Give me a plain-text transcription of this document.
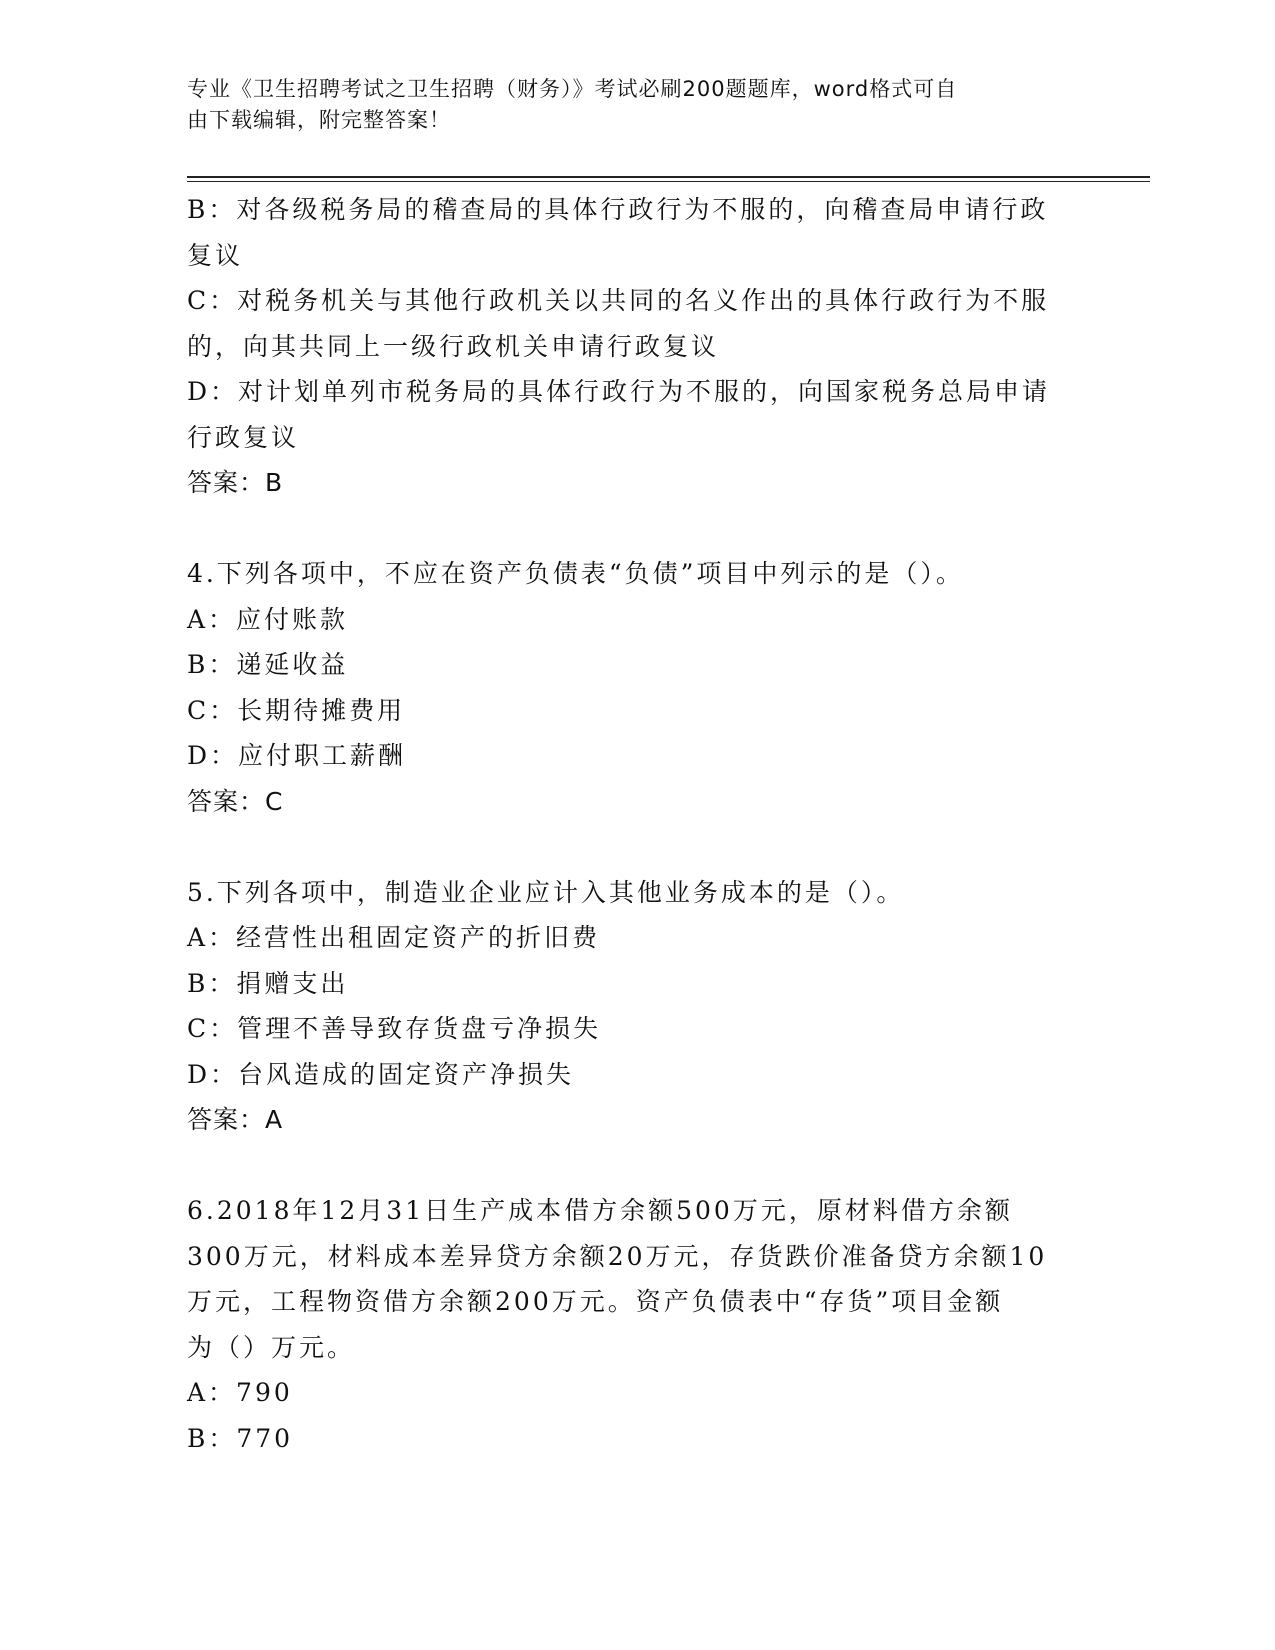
专业《卫生招聘考试之卫生招聘（财务）》考试必刷200题题库，word格式可自
由下载编辑，附完整答案！
B：对各级税务局的稽查局的具体行政行为不服的，向稽查局申请行政
复议
C：对税务机关与其他行政机关以共同的名义作出的具体行政行为不服
的，向其共同上一级行政机关申请行政复议
D：对计划单列市税务局的具体行政行为不服的，向国家税务总局申请
行政复议
答案：B
4.下列各项中，不应在资产负债表“负债”项目中列示的是（）。
A：应付账款
B：递延收益
C：长期待摊费用
D：应付职工薪酬
答案：C
5.下列各项中，制造业企业应计入其他业务成本的是（）。
A：经营性出租固定资产的折旧费
B：捐赠支出
C：管理不善导致存货盘亏净损失
D：台风造成的固定资产净损失
答案：A
6.2018年12月31日生产成本借方余额500万元，原材料借方余额
300万元，材料成本差异贷方余额20万元，存货跌价准备贷方余额10
万元，工程物资借方余额200万元。资产负债表中“存货”项目金额
为（）万元。
A：790
B：770
